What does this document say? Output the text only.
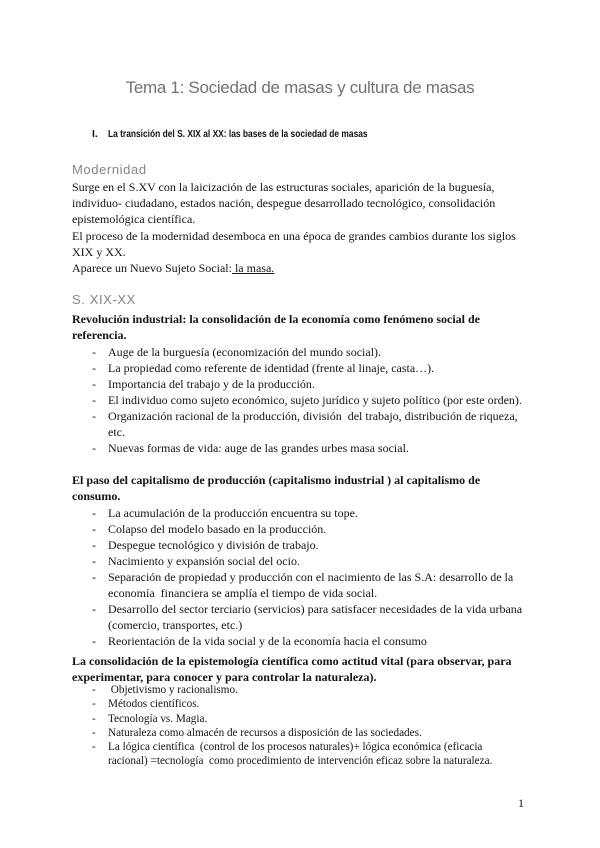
Tema 1: Sociedad de masas y cultura de masas
I. La transición del S. XIX al XX: las bases de la sociedad de masas
Modernidad

Surge en el S.XV con la laicización de las estructuras sociales, aparición de la buguesía,
individuo- ciudadano, estados nación, despegue desarrollado tecnológico, consolidación
epistemológica científica.

El proceso de la modernidad desemboca en una época de grandes cambios durante los siglos
XIX y XX.

Aparece un Nuevo Sujeto Social: la masa.

S. XIX-XX

Revolución industrial: la consolidación de la economía como fenómeno social de
referencia.

- Auge de la burguesía (economización del mundo social).
- La propiedad como referente de identidad (frente al linaje, casta…).
- Importancia del trabajo y de la producción.
- El individuo como sujeto económico, sujeto jurídico y sujeto político (por este orden).
- Organización racional de la producción, división  del trabajo, distribución de riqueza,
etc.
- Nuevas formas de vida: auge de las grandes urbes masa social.

El paso del capitalismo de producción (capitalismo industrial ) al capitalismo de
consumo.

- La acumulación de la producción encuentra su tope.
- Colapso del modelo basado en la producción.
- Despegue tecnológico y división de trabajo.
- Nacimiento y expansión social del ocio.
- Separación de propiedad y producción con el nacimiento de las S.A: desarrollo de la
economía  financiera se amplía el tiempo de vida social.
- Desarrollo del sector terciario (servicios) para satisfacer necesidades de la vida urbana
(comercio, transportes, etc.)
- Reorientación de la vida social y de la economía hacia el consumo

La consolidación de la epistemología científica como actitud vital (para observar, para
experimentar, para conocer y para controlar la naturaleza).

- Objetivismo y racionalismo.
- Métodos científicos.
- Tecnología vs. Magia.
- Naturaleza como almacén de recursos a disposición de las sociedades.
- La lógica científica  (control de los procesos naturales)+ lógica económica (eficacia
racional) =tecnología  como procedimiento de intervención eficaz sobre la naturaleza.
1
